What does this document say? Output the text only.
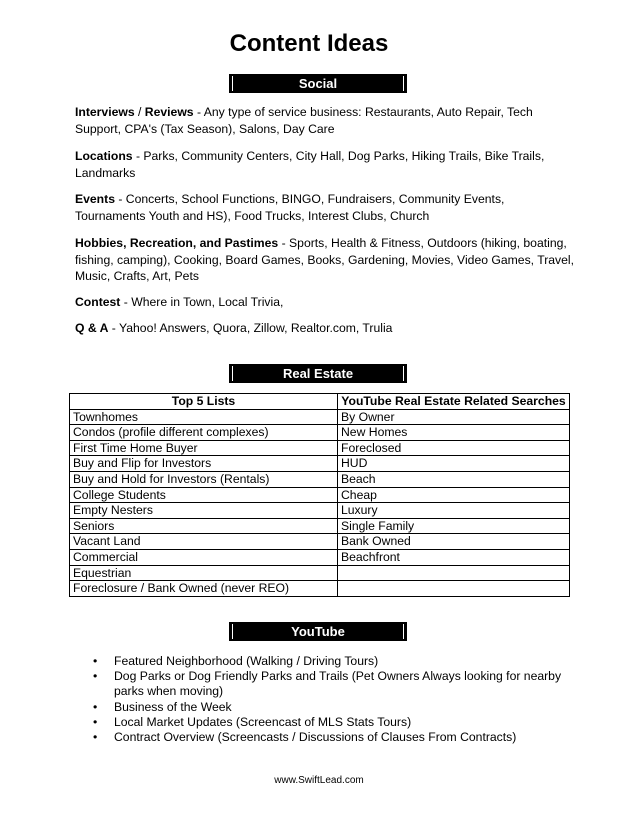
Content Ideas
Social
Interviews / Reviews - Any type of service business: Restaurants, Auto Repair, Tech Support, CPA's (Tax Season), Salons, Day Care
Locations - Parks, Community Centers, City Hall, Dog Parks, Hiking Trails, Bike Trails, Landmarks
Events - Concerts, School Functions, BINGO, Fundraisers, Community Events, Tournaments Youth and HS), Food Trucks, Interest Clubs, Church
Hobbies, Recreation, and Pastimes - Sports, Health & Fitness, Outdoors (hiking, boating, fishing, camping), Cooking, Board Games, Books, Gardening, Movies, Video Games, Travel, Music, Crafts, Art, Pets
Contest - Where in Town, Local Trivia,
Q & A - Yahoo! Answers, Quora, Zillow, Realtor.com, Trulia
Real Estate
Top 5 Lists	YouTube Real Estate Related Searches
Townhomes	By Owner
Condos (profile different complexes)	New Homes
First Time Home Buyer	Foreclosed
Buy and Flip for Investors	HUD
Buy and Hold for Investors (Rentals)	Beach
College Students	Cheap
Empty Nesters	Luxury
Seniors	Single Family
Vacant Land	Bank Owned
Commercial	Beachfront
Equestrian	
Foreclosure / Bank Owned (never REO)	
YouTube
• Featured Neighborhood (Walking / Driving Tours)
• Dog Parks or Dog Friendly Parks and Trails (Pet Owners Always looking for nearby parks when moving)
• Business of the Week
• Local Market Updates (Screencast of MLS Stats Tours)
• Contract Overview (Screencasts / Discussions of Clauses From Contracts)
www.SwiftLead.com
